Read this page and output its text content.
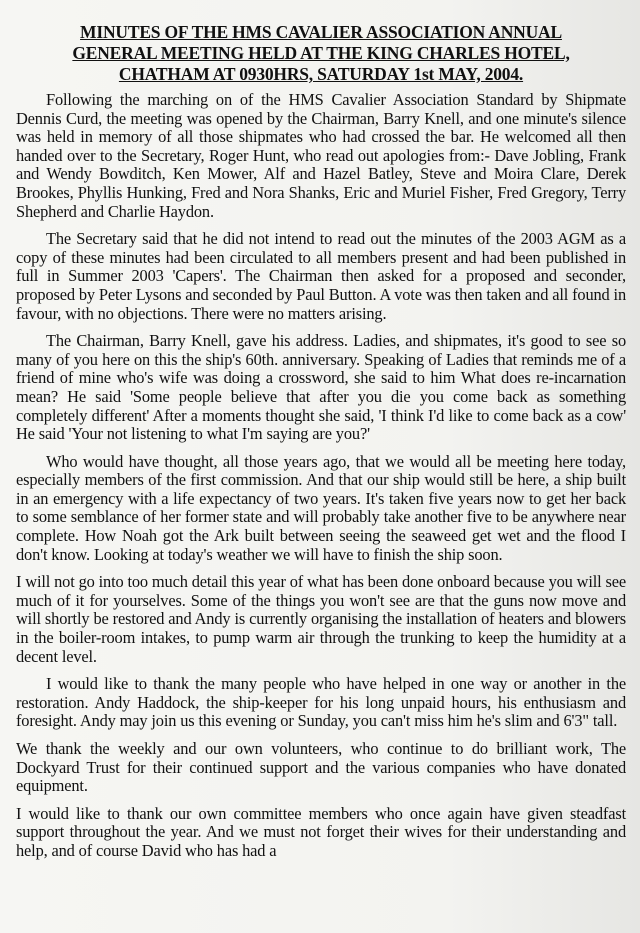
MINUTES OF THE HMS CAVALIER ASSOCIATION ANNUAL
GENERAL MEETING HELD AT THE KING CHARLES HOTEL,
CHATHAM AT 0930HRS, SATURDAY 1st MAY, 2004.

Following the marching on of the HMS Cavalier Association Standard by Shipmate Dennis Curd, the meeting was opened by the Chairman, Barry Knell, and one minute's silence was held in memory of all those shipmates who had crossed the bar. He welcomed all then handed over to the Secretary, Roger Hunt, who read out apologies from:- Dave Jobling, Frank and Wendy Bowditch, Ken Mower, Alf and Hazel Batley, Steve and Moira Clare, Derek Brookes, Phyllis Hunking, Fred and Nora Shanks, Eric and Muriel Fisher, Fred Gregory, Terry Shepherd and Charlie Haydon.

The Secretary said that he did not intend to read out the minutes of the 2003 AGM as a copy of these minutes had been circulated to all members present and had been published in full in Summer 2003 'Capers'. The Chairman then asked for a proposed and seconder, proposed by Peter Lysons and seconded by Paul Button. A vote was then taken and all found in favour, with no objections. There were no matters arising.

The Chairman, Barry Knell, gave his address. Ladies, and shipmates, it's good to see so many of you here on this the ship's 60th. anniversary. Speaking of Ladies that reminds me of a friend of mine who's wife was doing a crossword, she said to him What does re-incarnation mean? He said 'Some people believe that after you die you come back as something completely different' After a moments thought she said, 'I think I'd like to come back as a cow' He said 'Your not listening to what I'm saying are you?'

Who would have thought, all those years ago, that we would all be meeting here today, especially members of the first commission. And that our ship would still be here, a ship built in an emergency with a life expectancy of two years. It's taken five years now to get her back to some semblance of her former state and will probably take another five to be anywhere near complete. How Noah got the Ark built between seeing the seaweed get wet and the flood I don't know. Looking at today's weather we will have to finish the ship soon.

I will not go into too much detail this year of what has been done onboard because you will see much of it for yourselves. Some of the things you won't see are that the guns now move and will shortly be restored and Andy is currently organising the installation of heaters and blowers in the boiler-room intakes, to pump warm air through the trunking to keep the humidity at a decent level.

I would like to thank the many people who have helped in one way or another in the restoration. Andy Haddock, the ship-keeper for his long unpaid hours, his enthusiasm and foresight. Andy may join us this evening or Sunday, you can't miss him he's slim and 6'3" tall.

We thank the weekly and our own volunteers, who continue to do brilliant work, The Dockyard Trust for their continued support and the various companies who have donated equipment.

I would like to thank our own committee members who once again have given steadfast support throughout the year. And we must not forget their wives for their understanding and help, and of course David who has had a
